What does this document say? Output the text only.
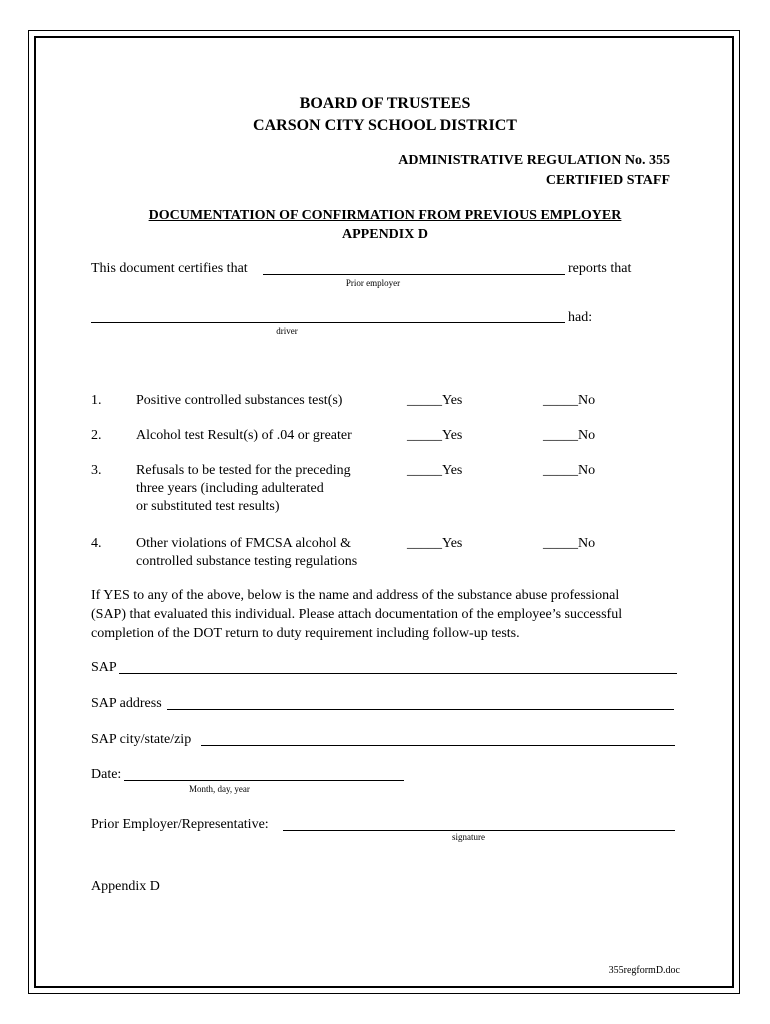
BOARD OF TRUSTEES
CARSON CITY SCHOOL DISTRICT
ADMINISTRATIVE REGULATION No. 355
CERTIFIED STAFF
DOCUMENTATION OF CONFIRMATION FROM PREVIOUS EMPLOYER
APPENDIX D
This document certifies that	reports that
Prior employer
had:
driver
1. Positive controlled substances test(s)	_____Yes	_____No
2. Alcohol test Result(s) of .04 or greater	_____Yes	_____No
3. Refusals to be tested for the preceding
three years (including adulterated
or substituted test results)
_____Yes	_____No
4. Other violations of FMCSA alcohol &
controlled substance testing regulations
_____Yes	_____No
If YES to any of the above, below is the name and address of the substance abuse professional
(SAP) that evaluated this individual. Please attach documentation of the employee’s successful
completion of the DOT return to duty requirement including follow-up tests.
SAP
SAP address
SAP city/state/zip
Date:
Month, day, year
Prior Employer/Representative:
signature
Appendix D
355regformD.doc
